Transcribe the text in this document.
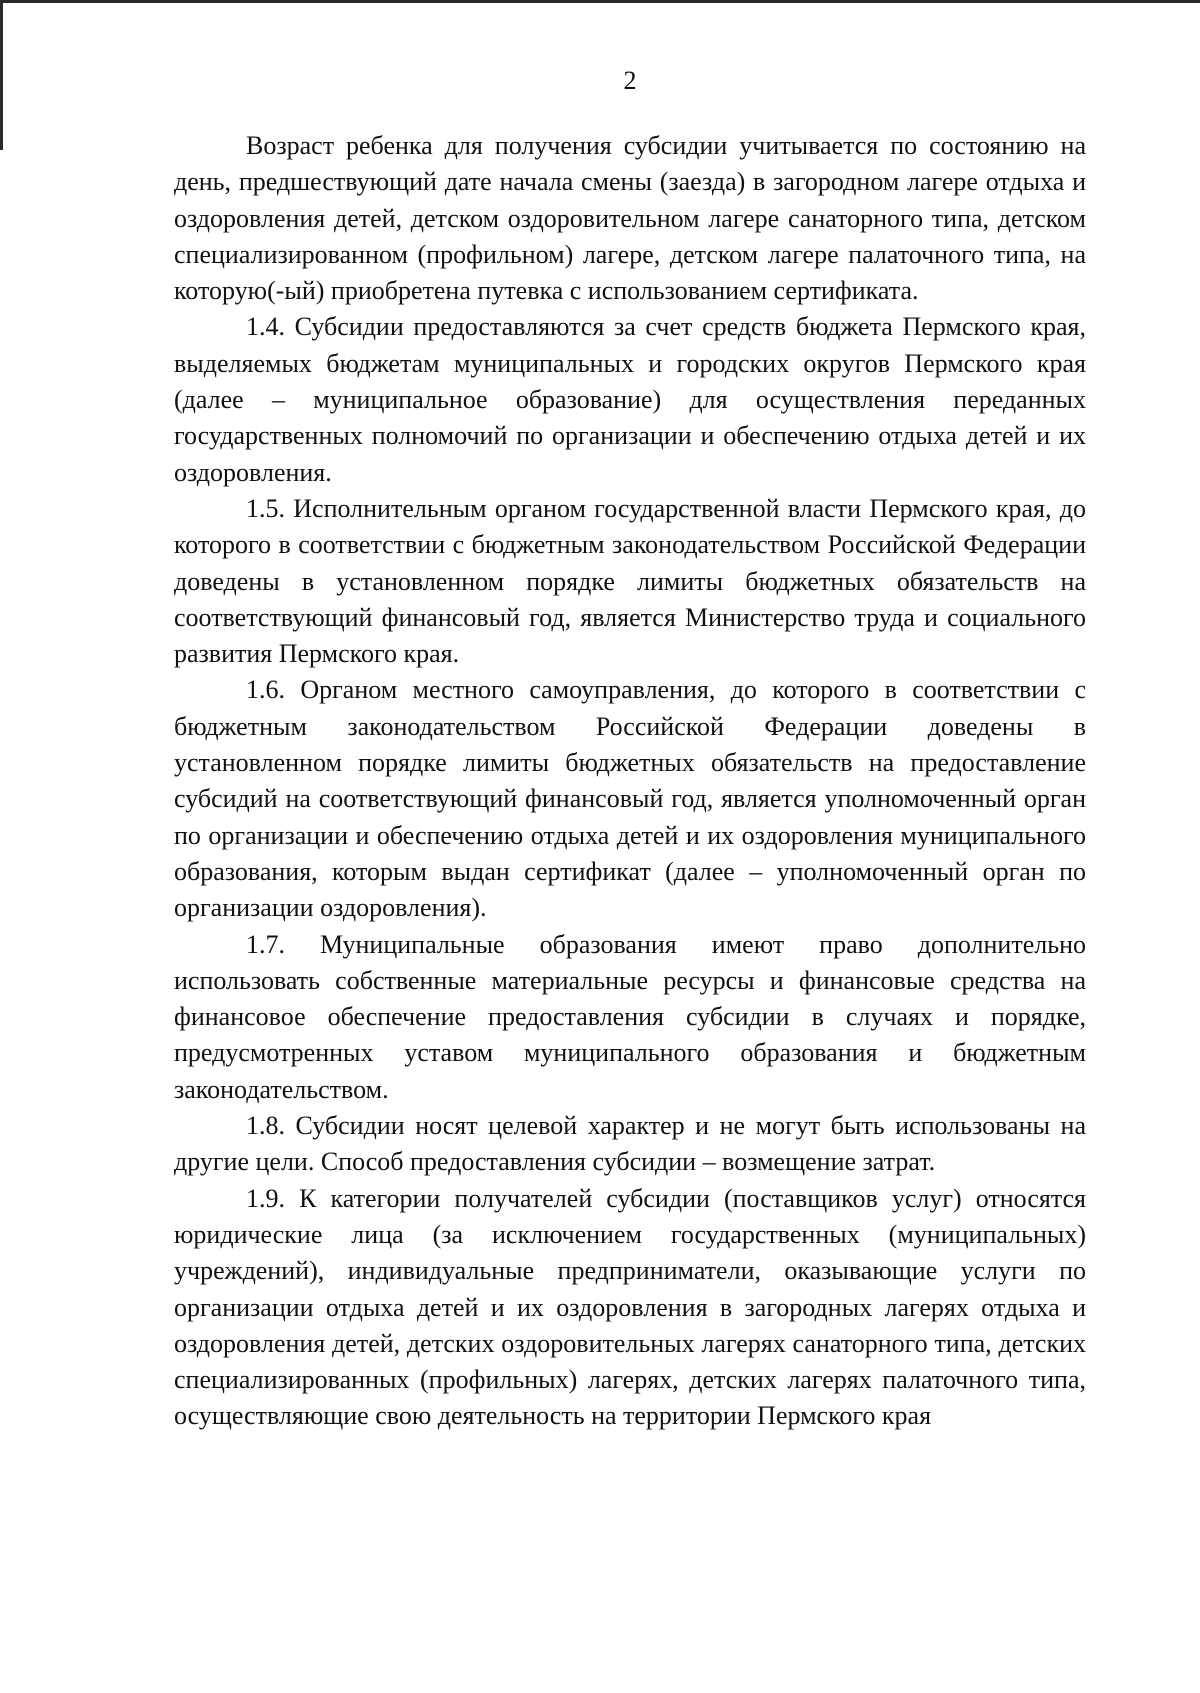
2

Возраст ребенка для получения субсидии учитывается по состоянию на день, предшествующий дате начала смены (заезда) в загородном лагере отдыха и оздоровления детей, детском оздоровительном лагере санаторного типа, детском специализированном (профильном) лагере, детском лагере палаточного типа, на которую(-ый) приобретена путевка с использованием сертификата.

1.4. Субсидии предоставляются за счет средств бюджета Пермского края, выделяемых бюджетам муниципальных и городских округов Пермского края (далее – муниципальное образование) для осуществления переданных государственных полномочий по организации и обеспечению отдыха детей и их оздоровления.

1.5. Исполнительным органом государственной власти Пермского края, до которого в соответствии с бюджетным законодательством Российской Федерации доведены в установленном порядке лимиты бюджетных обязательств на соответствующий финансовый год, является Министерство труда и социального развития Пермского края.

1.6. Органом местного самоуправления, до которого в соответствии с бюджетным законодательством Российской Федерации доведены в установленном порядке лимиты бюджетных обязательств на предоставление субсидий на соответствующий финансовый год, является уполномоченный орган по организации и обеспечению отдыха детей и их оздоровления муниципального образования, которым выдан сертификат (далее – уполномоченный орган по организации оздоровления).

1.7. Муниципальные образования имеют право дополнительно использовать собственные материальные ресурсы и финансовые средства на финансовое обеспечение предоставления субсидии в случаях и порядке, предусмотренных уставом муниципального образования и бюджетным законодательством.

1.8. Субсидии носят целевой характер и не могут быть использованы на другие цели. Способ предоставления субсидии – возмещение затрат.

1.9. К категории получателей субсидии (поставщиков услуг) относятся юридические лица (за исключением государственных (муниципальных) учреждений), индивидуальные предприниматели, оказывающие услуги по организации отдыха детей и их оздоровления в загородных лагерях отдыха и оздоровления детей, детских оздоровительных лагерях санаторного типа, детских специализированных (профильных) лагерях, детских лагерях палаточного типа, осуществляющие свою деятельность на территории Пермского края
